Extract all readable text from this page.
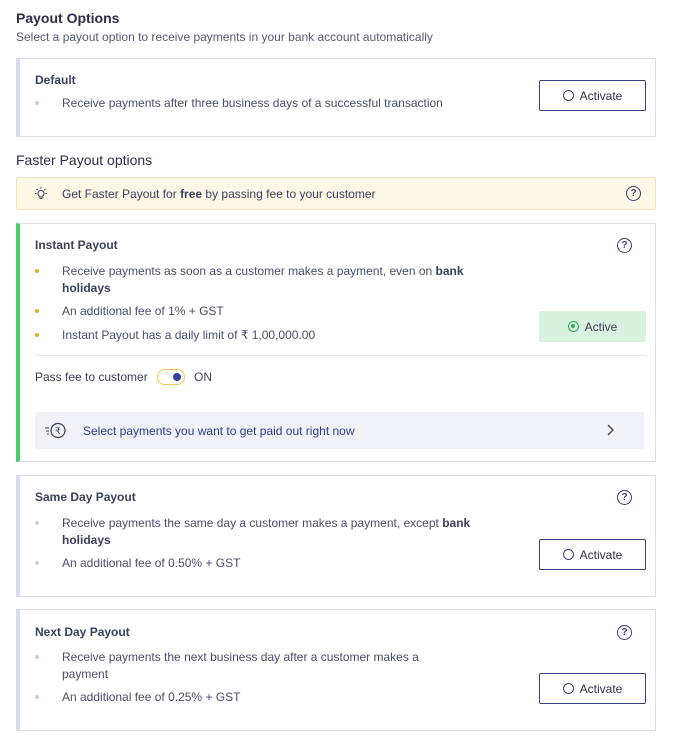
Payout Options
Select a payout option to receive payments in your bank account automatically
Default
Receive payments after three business days of a successful transaction
Activate
Faster Payout options
Get Faster Payout for free by passing fee to your customer	?
Instant Payout	?
Receive payments as soon as a customer makes a payment, even on bank holidays
An additional fee of 1% + GST
Instant Payout has a daily limit of ₹ 1,00,000.00
Active
Pass fee to customer	ON
₹ Select payments you want to get paid out right now
Same Day Payout	?
Receive payments the same day a customer makes a payment, except bank holidays
An additional fee of 0.50% + GST
Activate
Next Day Payout	?
Receive payments the next business day after a customer makes a payment
An additional fee of 0.25% + GST
Activate
